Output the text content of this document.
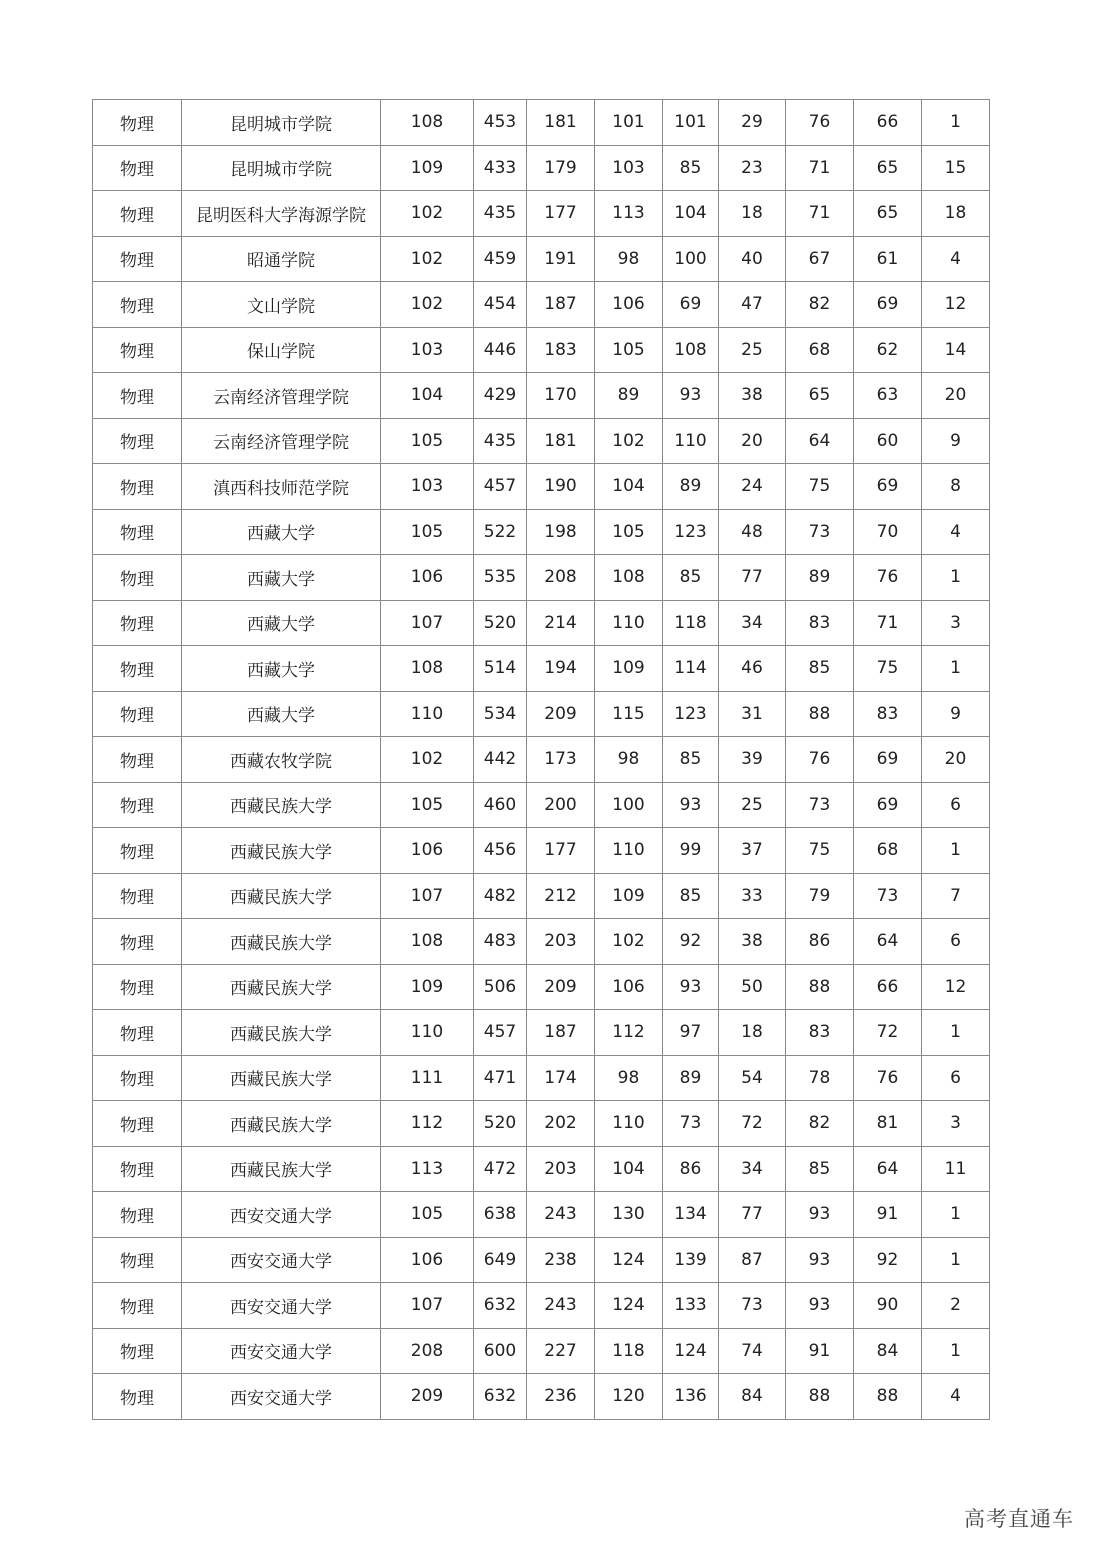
物理	昆明城市学院	108	453	181	101	101	29	76	66	1
物理	昆明城市学院	109	433	179	103	85	23	71	65	15
物理	昆明医科大学海源学院	102	435	177	113	104	18	71	65	18
物理	昭通学院	102	459	191	98	100	40	67	61	4
物理	文山学院	102	454	187	106	69	47	82	69	12
物理	保山学院	103	446	183	105	108	25	68	62	14
物理	云南经济管理学院	104	429	170	89	93	38	65	63	20
物理	云南经济管理学院	105	435	181	102	110	20	64	60	9
物理	滇西科技师范学院	103	457	190	104	89	24	75	69	8
物理	西藏大学	105	522	198	105	123	48	73	70	4
物理	西藏大学	106	535	208	108	85	77	89	76	1
物理	西藏大学	107	520	214	110	118	34	83	71	3
物理	西藏大学	108	514	194	109	114	46	85	75	1
物理	西藏大学	110	534	209	115	123	31	88	83	9
物理	西藏农牧学院	102	442	173	98	85	39	76	69	20
物理	西藏民族大学	105	460	200	100	93	25	73	69	6
物理	西藏民族大学	106	456	177	110	99	37	75	68	1
物理	西藏民族大学	107	482	212	109	85	33	79	73	7
物理	西藏民族大学	108	483	203	102	92	38	86	64	6
物理	西藏民族大学	109	506	209	106	93	50	88	66	12
物理	西藏民族大学	110	457	187	112	97	18	83	72	1
物理	西藏民族大学	111	471	174	98	89	54	78	76	6
物理	西藏民族大学	112	520	202	110	73	72	82	81	3
物理	西藏民族大学	113	472	203	104	86	34	85	64	11
物理	西安交通大学	105	638	243	130	134	77	93	91	1
物理	西安交通大学	106	649	238	124	139	87	93	92	1
物理	西安交通大学	107	632	243	124	133	73	93	90	2
物理	西安交通大学	208	600	227	118	124	74	91	84	1
物理	西安交通大学	209	632	236	120	136	84	88	88	4
高考直通车
